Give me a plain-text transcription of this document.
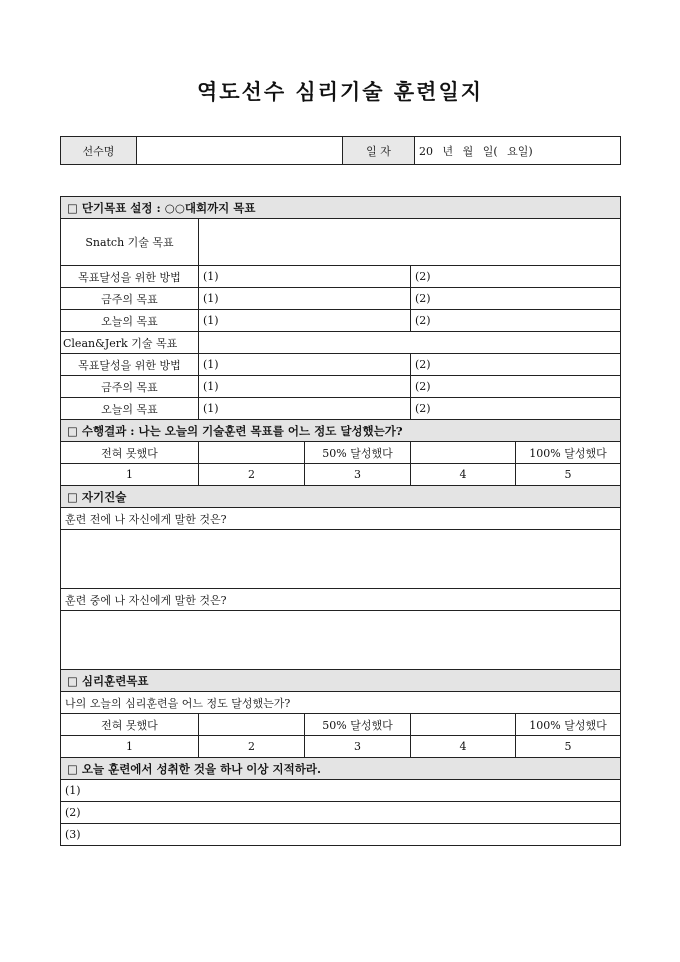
역도선수 심리기술 훈련일지
선수명		일 자	20 년 월 일( 요일)
□ 단기목표 설정 : ○○대회까지 목표				
Snatch 기술 목표				
목표달성을 위한 방법	(1)		(2)	
금주의 목표	(1)		(2)	
오늘의 목표	(1)		(2)	
Clean&Jerk 기술 목표				
목표달성을 위한 방법	(1)		(2)	
금주의 목표	(1)		(2)	
오늘의 목표	(1)		(2)	
□ 수행결과 : 나는 오늘의 기술훈련 목표를 어느 정도 달성했는가?				
전혀 못했다		50% 달성했다		100% 달성했다
1	2	3	4	5
□ 자기진술				
훈련 전에 나 자신에게 말한 것은?				

훈련 중에 나 자신에게 말한 것은?				

□ 심리훈련목표				
나의 오늘의 심리훈련을 어느 정도 달성했는가?				
전혀 못했다		50% 달성했다		100% 달성했다
1	2	3	4	5
□ 오늘 훈련에서 성취한 것을 하나 이상 지적하라.				
(1)				
(2)				
(3)				
